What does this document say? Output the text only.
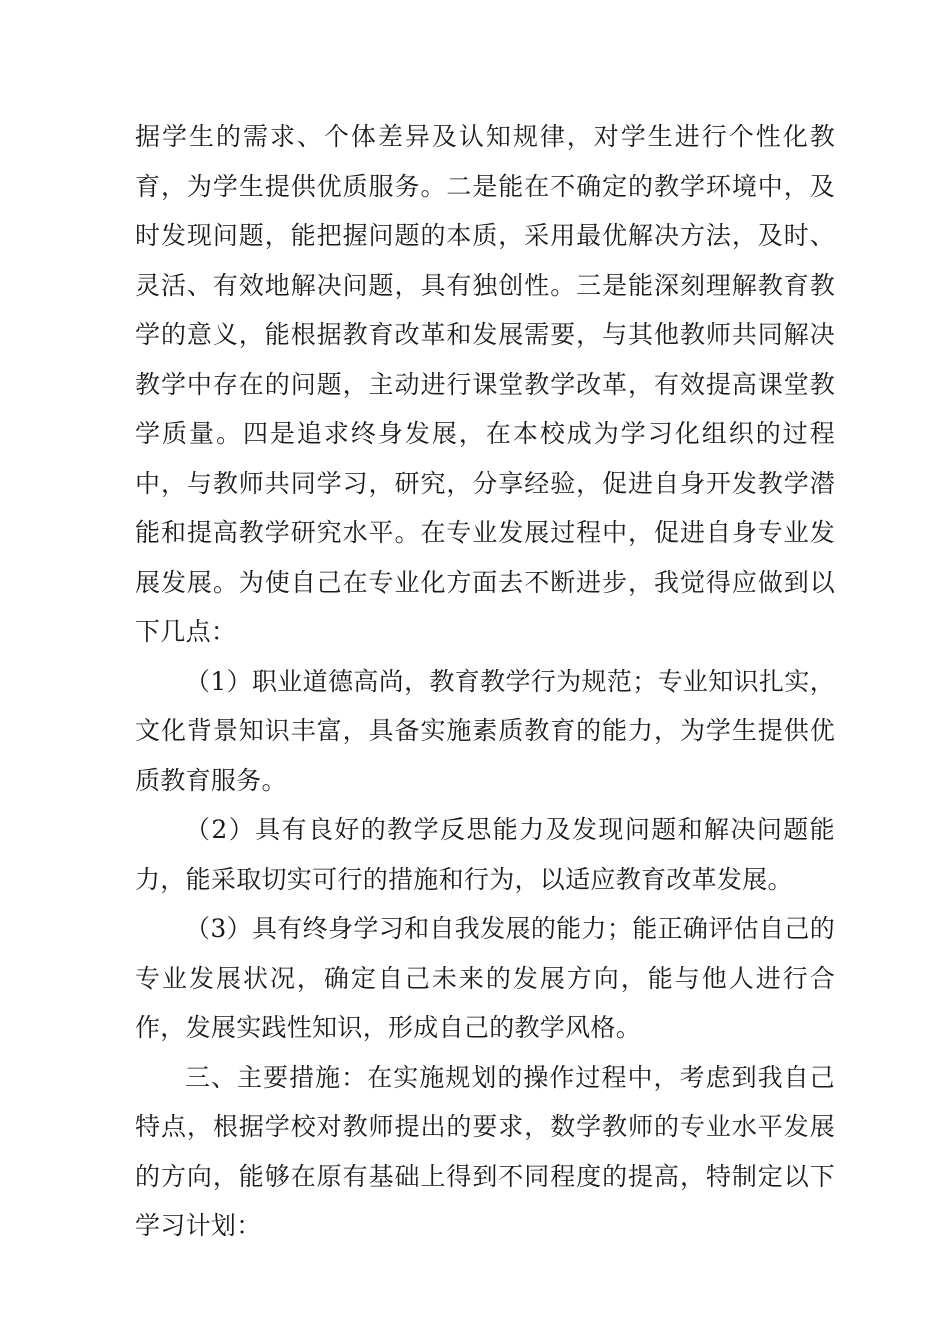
据学生的需求、个体差异及认知规律，对学生进行个性化教育，为学生提供优质服务。二是能在不确定的教学环境中，及时发现问题，能把握问题的本质，采用最优解决方法，及时、灵活、有效地解决问题，具有独创性。三是能深刻理解教育教学的意义，能根据教育改革和发展需要，与其他教师共同解决教学中存在的问题，主动进行课堂教学改革，有效提高课堂教学质量。四是追求终身发展，在本校成为学习化组织的过程中，与教师共同学习，研究，分享经验，促进自身开发教学潜能和提高教学研究水平。在专业发展过程中，促进自身专业发展发展。为使自己在专业化方面去不断进步，我觉得应做到以下几点：

（1）职业道德高尚，教育教学行为规范；专业知识扎实，文化背景知识丰富，具备实施素质教育的能力，为学生提供优质教育服务。

（2）具有良好的教学反思能力及发现问题和解决问题能力，能采取切实可行的措施和行为，以适应教育改革发展。

（3）具有终身学习和自我发展的能力；能正确评估自己的专业发展状况，确定自己未来的发展方向，能与他人进行合作，发展实践性知识，形成自己的教学风格。

三、主要措施：在实施规划的操作过程中，考虑到我自己特点，根据学校对教师提出的要求，数学教师的专业水平发展的方向，能够在原有基础上得到不同程度的提高，特制定以下学习计划：
